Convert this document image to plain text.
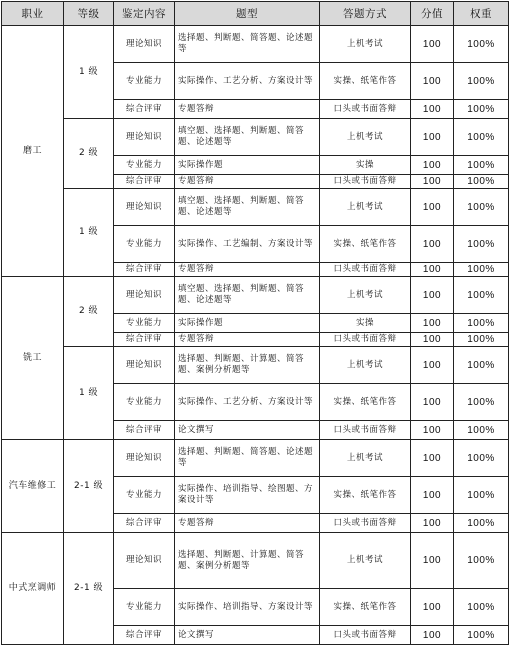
职业	等级	鉴定内容	题型	答题方式	分值	权重
磨工	1 级	理论知识	选择题、判断题、简答题、论述题等	上机考试	100	100%
		专业能力	实际操作、工艺分析、方案设计等	实操、纸笔作答	100	100%
		综合评审	专题答辩	口头或书面答辩	100	100%
	2 级	理论知识	填空题、选择题、判断题、简答题、论述题等	上机考试	100	100%
		专业能力	实际操作题	实操	100	100%
		综合评审	专题答辩	口头或书面答辩	100	100%
	1 级	理论知识	填空题、选择题、判断题、简答题、论述题等	上机考试	100	100%
		专业能力	实际操作、工艺编制、方案设计等	实操、纸笔作答	100	100%
		综合评审	专题答辩	口头或书面答辩	100	100%
铣工	2 级	理论知识	填空题、选择题、判断题、简答题、论述题等	上机考试	100	100%
		专业能力	实际操作题	实操	100	100%
		综合评审	专题答辩	口头或书面答辩	100	100%
	1 级	理论知识	选择题、判断题、计算题、简答题、案例分析题等	上机考试	100	100%
		专业能力	实际操作、工艺分析、方案设计等	实操、纸笔作答	100	100%
		综合评审	论文撰写	口头或书面答辩	100	100%
汽车维修工	2-1 级	理论知识	选择题、判断题、简答题、论述题等	上机考试	100	100%
		专业能力	实际操作、培训指导、绘图题、方案设计等	实操、纸笔作答	100	100%
		综合评审	专题答辩	口头或书面答辩	100	100%
中式烹调师	2-1 级	理论知识	选择题、判断题、计算题、简答题、案例分析题等	上机考试	100	100%
		专业能力	实际操作、培训指导、方案设计等	实操、纸笔作答	100	100%
		综合评审	论文撰写	口头或书面答辩	100	100%
